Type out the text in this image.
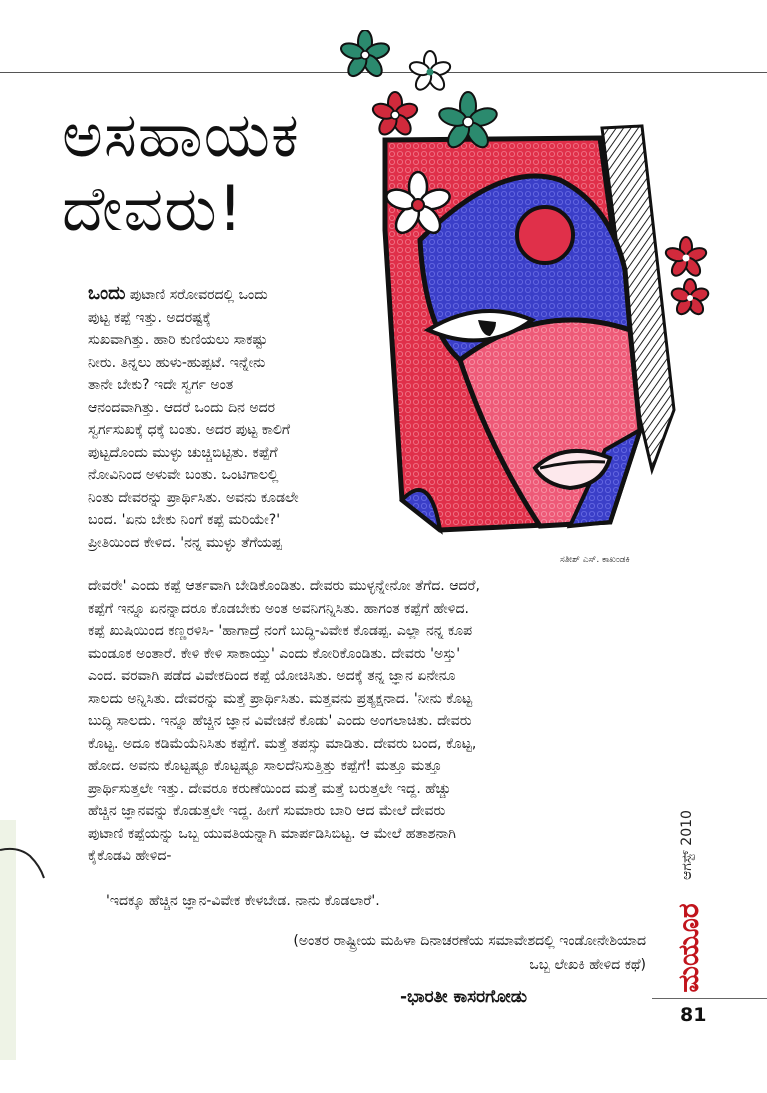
ಅಸಹಾಯಕ
ದೇವರು!
ಸತೀಶ್ ಎಸ್. ಕಾಖಂಡಕಿ
ಒಂದು ಪುಟಾಣಿ ಸರೋವರದಲ್ಲಿ ಒಂದು
ಪುಟ್ಟ ಕಪ್ಪೆ ಇತ್ತು. ಅದರಷ್ಟಕ್ಕೆ
ಸುಖವಾಗಿತ್ತು. ಹಾರಿ ಕುಣಿಯಲು ಸಾಕಷ್ಟು
ನೀರು. ತಿನ್ನಲು ಹುಳು-ಹುಪ್ಪಟೆ. ಇನ್ನೇನು
ತಾನೇ ಬೇಕು? ಇದೇ ಸ್ವರ್ಗ ಅಂತ
ಆನಂದವಾಗಿತ್ತು. ಆದರೆ ಒಂದು ದಿನ ಅದರ
ಸ್ವರ್ಗಸುಖಕ್ಕೆ ಧಕ್ಕೆ ಬಂತು. ಅದರ ಪುಟ್ಟ ಕಾಲಿಗೆ
ಪುಟ್ಟದೊಂದು ಮುಳ್ಳು ಚುಚ್ಚಿಬಿಟ್ಟಿತು. ಕಪ್ಪೆಗೆ
ನೋವಿನಿಂದ ಅಳುವೇ ಬಂತು. ಒಂಟಿಗಾಲಲ್ಲಿ
ನಿಂತು ದೇವರನ್ನು ಪ್ರಾರ್ಥಿಸಿತು. ಅವನು ಕೂಡಲೇ
ಬಂದ. 'ಏನು ಬೇಕು ನಿಂಗೆ ಕಪ್ಪೆ ಮರಿಯೇ?'
ಪ್ರೀತಿಯಿಂದ ಕೇಳಿದ. 'ನನ್ನ ಮುಳ್ಳು ತೆಗೆಯಪ್ಪ
ದೇವರೇ' ಎಂದು ಕಪ್ಪೆ ಆರ್ತವಾಗಿ ಬೇಡಿಕೊಂಡಿತು. ದೇವರು ಮುಳ್ಳನ್ನೇನೋ ತೆಗೆದ. ಆದರೆ,
ಕಪ್ಪೆಗೆ ಇನ್ನೂ ಏನನ್ನಾದರೂ ಕೊಡಬೇಕು ಅಂತ ಅವನಿಗನ್ನಿಸಿತು. ಹಾಗಂತ ಕಪ್ಪೆಗೆ ಹೇಳಿದ.
ಕಪ್ಪೆ ಖುಷಿಯಿಂದ ಕಣ್ಣರಳಿಸಿ- 'ಹಾಗಾದ್ರೆ ನಂಗೆ ಬುದ್ಧಿ-ವಿವೇಕ ಕೊಡಪ್ಪ. ಎಲ್ಲಾ ನನ್ನ ಕೂಪ
ಮಂಡೂಕ ಅಂತಾರೆ. ಕೇಳಿ ಕೇಳಿ ಸಾಕಾಯ್ತು' ಎಂದು ಕೋರಿಕೊಂಡಿತು. ದೇವರು 'ಅಸ್ತು'
ಎಂದ. ವರವಾಗಿ ಪಡೆದ ವಿವೇಕದಿಂದ ಕಪ್ಪೆ ಯೋಚಿಸಿತು. ಅದಕ್ಕೆ ತನ್ನ ಜ್ಞಾನ ಏನೇನೂ
ಸಾಲದು ಅನ್ನಿಸಿತು. ದೇವರನ್ನು ಮತ್ತೆ ಪ್ರಾರ್ಥಿಸಿತು. ಮತ್ತವನು ಪ್ರತ್ಯಕ್ಷನಾದ. 'ನೀನು ಕೊಟ್ಟ
ಬುದ್ಧಿ ಸಾಲದು. ಇನ್ನೂ ಹೆಚ್ಚಿನ ಜ್ಞಾನ ವಿವೇಚನೆ ಕೊಡು' ಎಂದು ಅಂಗಲಾಚಿತು. ದೇವರು
ಕೊಟ್ಟ. ಅದೂ ಕಡಿಮೆಯೆನಿಸಿತು ಕಪ್ಪೆಗೆ. ಮತ್ತೆ ತಪಸ್ಸು ಮಾಡಿತು. ದೇವರು ಬಂದ, ಕೊಟ್ಟ,
ಹೋದ. ಅವನು ಕೊಟ್ಟಷ್ಟೂ ಕೊಟ್ಟಷ್ಟೂ ಸಾಲದೆನಿಸುತ್ತಿತ್ತು ಕಪ್ಪೆಗೆ! ಮತ್ತೂ ಮತ್ತೂ
ಪ್ರಾರ್ಥಿಸುತ್ತಲೇ ಇತ್ತು. ದೇವರೂ ಕರುಣೆಯಿಂದ ಮತ್ತೆ ಮತ್ತೆ ಬರುತ್ತಲೇ ಇದ್ದ. ಹೆಚ್ಚು
ಹೆಚ್ಚಿನ ಜ್ಞಾನವನ್ನು ಕೊಡುತ್ತಲೇ ಇದ್ದ. ಹೀಗೆ ಸುಮಾರು ಬಾರಿ ಆದ ಮೇಲೆ ದೇವರು
ಪುಟಾಣಿ ಕಪ್ಪೆಯನ್ನು ಒಬ್ಬ ಯುವತಿಯನ್ನಾಗಿ ಮಾರ್ಪಡಿಸಿಬಿಟ್ಟ. ಆ ಮೇಲೆ ಹತಾಶನಾಗಿ
ಕೈಕೊಡವಿ ಹೇಳಿದ-
'ಇದಕ್ಕೂ ಹೆಚ್ಚಿನ ಜ್ಞಾನ-ವಿವೇಕ ಕೇಳಬೇಡ. ನಾನು ಕೊಡಲಾರೆ'.
(ಅಂತರ ರಾಷ್ಟ್ರೀಯ ಮಹಿಳಾ ದಿನಾಚರಣೆಯ ಸಮಾವೇಶದಲ್ಲಿ ಇಂಡೋನೇಶಿಯಾದ
ಒಬ್ಬ ಲೇಖಕಿ ಹೇಳಿದ ಕಥೆ)
-ಭಾರತೀ ಕಾಸರಗೋಡು
ಆಗಸ್ಟ್ 2010
ಮಯೂರ
81
